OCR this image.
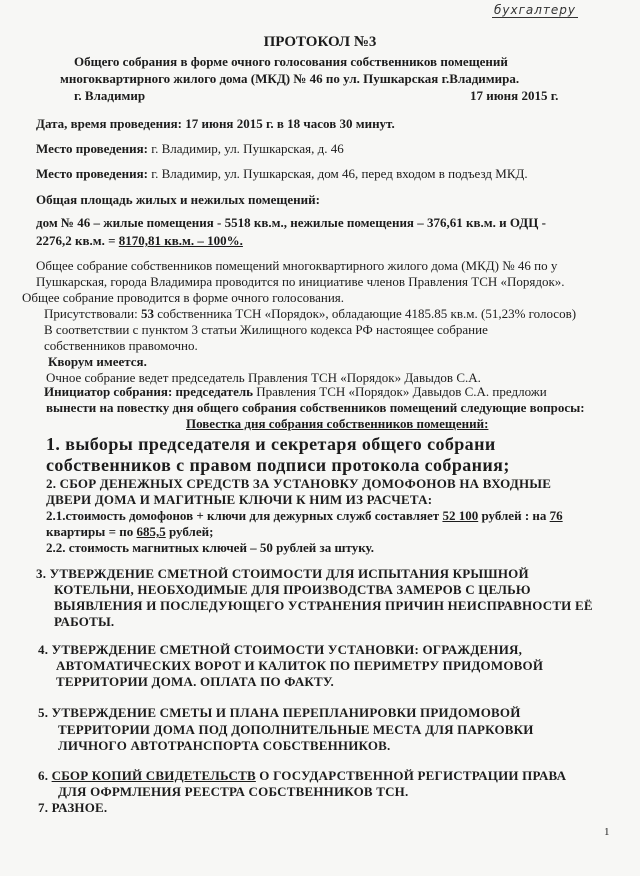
бухгалтеру
ПРОТОКОЛ №3
Общего собрания в форме очного голосования собственников помещений
многоквартирного жилого дома (МКД) № 46 по ул. Пушкарская г.Владимира.
г. Владимир	17 июня 2015 г.
Дата, время проведения: 17 июня 2015 г. в 18 часов 30 минут.
Место проведения: г. Владимир, ул. Пушкарская, д. 46
Место проведения: г. Владимир, ул. Пушкарская, дом 46, перед входом в подъезд МКД.
Общая площадь жилых и нежилых помещений:
дом № 46 – жилые помещения - 5518 кв.м., нежилые помещения – 376,61 кв.м. и ОДЦ -
2276,2 кв.м. = 8170,81 кв.м. – 100%.
Общее собрание собственников помещений многоквартирного жилого дома (МКД) № 46 по у
Пушкарская, города Владимира проводится по инициативе членов Правления ТСН «Порядок».
Общее собрание проводится в форме очного голосования.
Присутствовали: 53 собственника ТСН «Порядок», обладающие 4185.85 кв.м. (51,23% голосов)
В соответствии с пунктом 3 статьи Жилищного кодекса РФ настоящее собрание
собственников правомочно.
Кворум имеется.
Очное собрание ведет председатель Правления ТСН «Порядок» Давыдов С.А.
Инициатор собрания: председатель Правления ТСН «Порядок» Давыдов С.А. предложи
вынести на повестку дня общего собрания собственников помещений следующие вопросы:
Повестка дня собрания собственников помещений:
1. выборы председателя и секретаря общего собрани
собственников с правом подписи протокола собрания;
2. СБОР ДЕНЕЖНЫХ СРЕДСТВ ЗА УСТАНОВКУ ДОМОФОНОВ НА ВХОДНЫЕ
ДВЕРИ ДОМА И МАГИТНЫЕ КЛЮЧИ К НИМ ИЗ РАСЧЕТА:
2.1.стоимость домофонов + ключи для дежурных служб составляет 52 100 рублей : на 76
квартиры = по 685,5 рублей;
2.2. стоимость магнитных ключей – 50 рублей за штуку.
3. УТВЕРЖДЕНИЕ СМЕТНОЙ СТОИМОСТИ ДЛЯ ИСПЫТАНИЯ КРЫШНОЙ
КОТЕЛЬНИ, НЕОБХОДИМЫЕ ДЛЯ ПРОИЗВОДСТВА ЗАМЕРОВ С ЦЕЛЬЮ
ВЫЯВЛЕНИЯ И ПОСЛЕДУЮЩЕГО УСТРАНЕНИЯ ПРИЧИН НЕИСПРАВНОСТИ ЕЁ
РАБОТЫ.
4. УТВЕРЖДЕНИЕ СМЕТНОЙ СТОИМОСТИ УСТАНОВКИ: ОГРАЖДЕНИЯ,
АВТОМАТИЧЕСКИХ ВОРОТ И КАЛИТОК ПО ПЕРИМЕТРУ ПРИДОМОВОЙ
ТЕРРИТОРИИ ДОМА. ОПЛАТА ПО ФАКТУ.
5. УТВЕРЖДЕНИЕ СМЕТЫ И ПЛАНА ПЕРЕПЛАНИРОВКИ ПРИДОМОВОЙ
ТЕРРИТОРИИ ДОМА ПОД ДОПОЛНИТЕЛЬНЫЕ МЕСТА ДЛЯ ПАРКОВКИ
ЛИЧНОГО АВТОТРАНСПОРТА СОБСТВЕННИКОВ.
6. СБОР КОПИЙ СВИДЕТЕЛЬСТВ О ГОСУДАРСТВЕННОЙ РЕГИСТРАЦИИ ПРАВА
ДЛЯ ОФРМЛЕНИЯ РЕЕСТРА СОБСТВЕННИКОВ ТСН.
7. РАЗНОЕ.
1
